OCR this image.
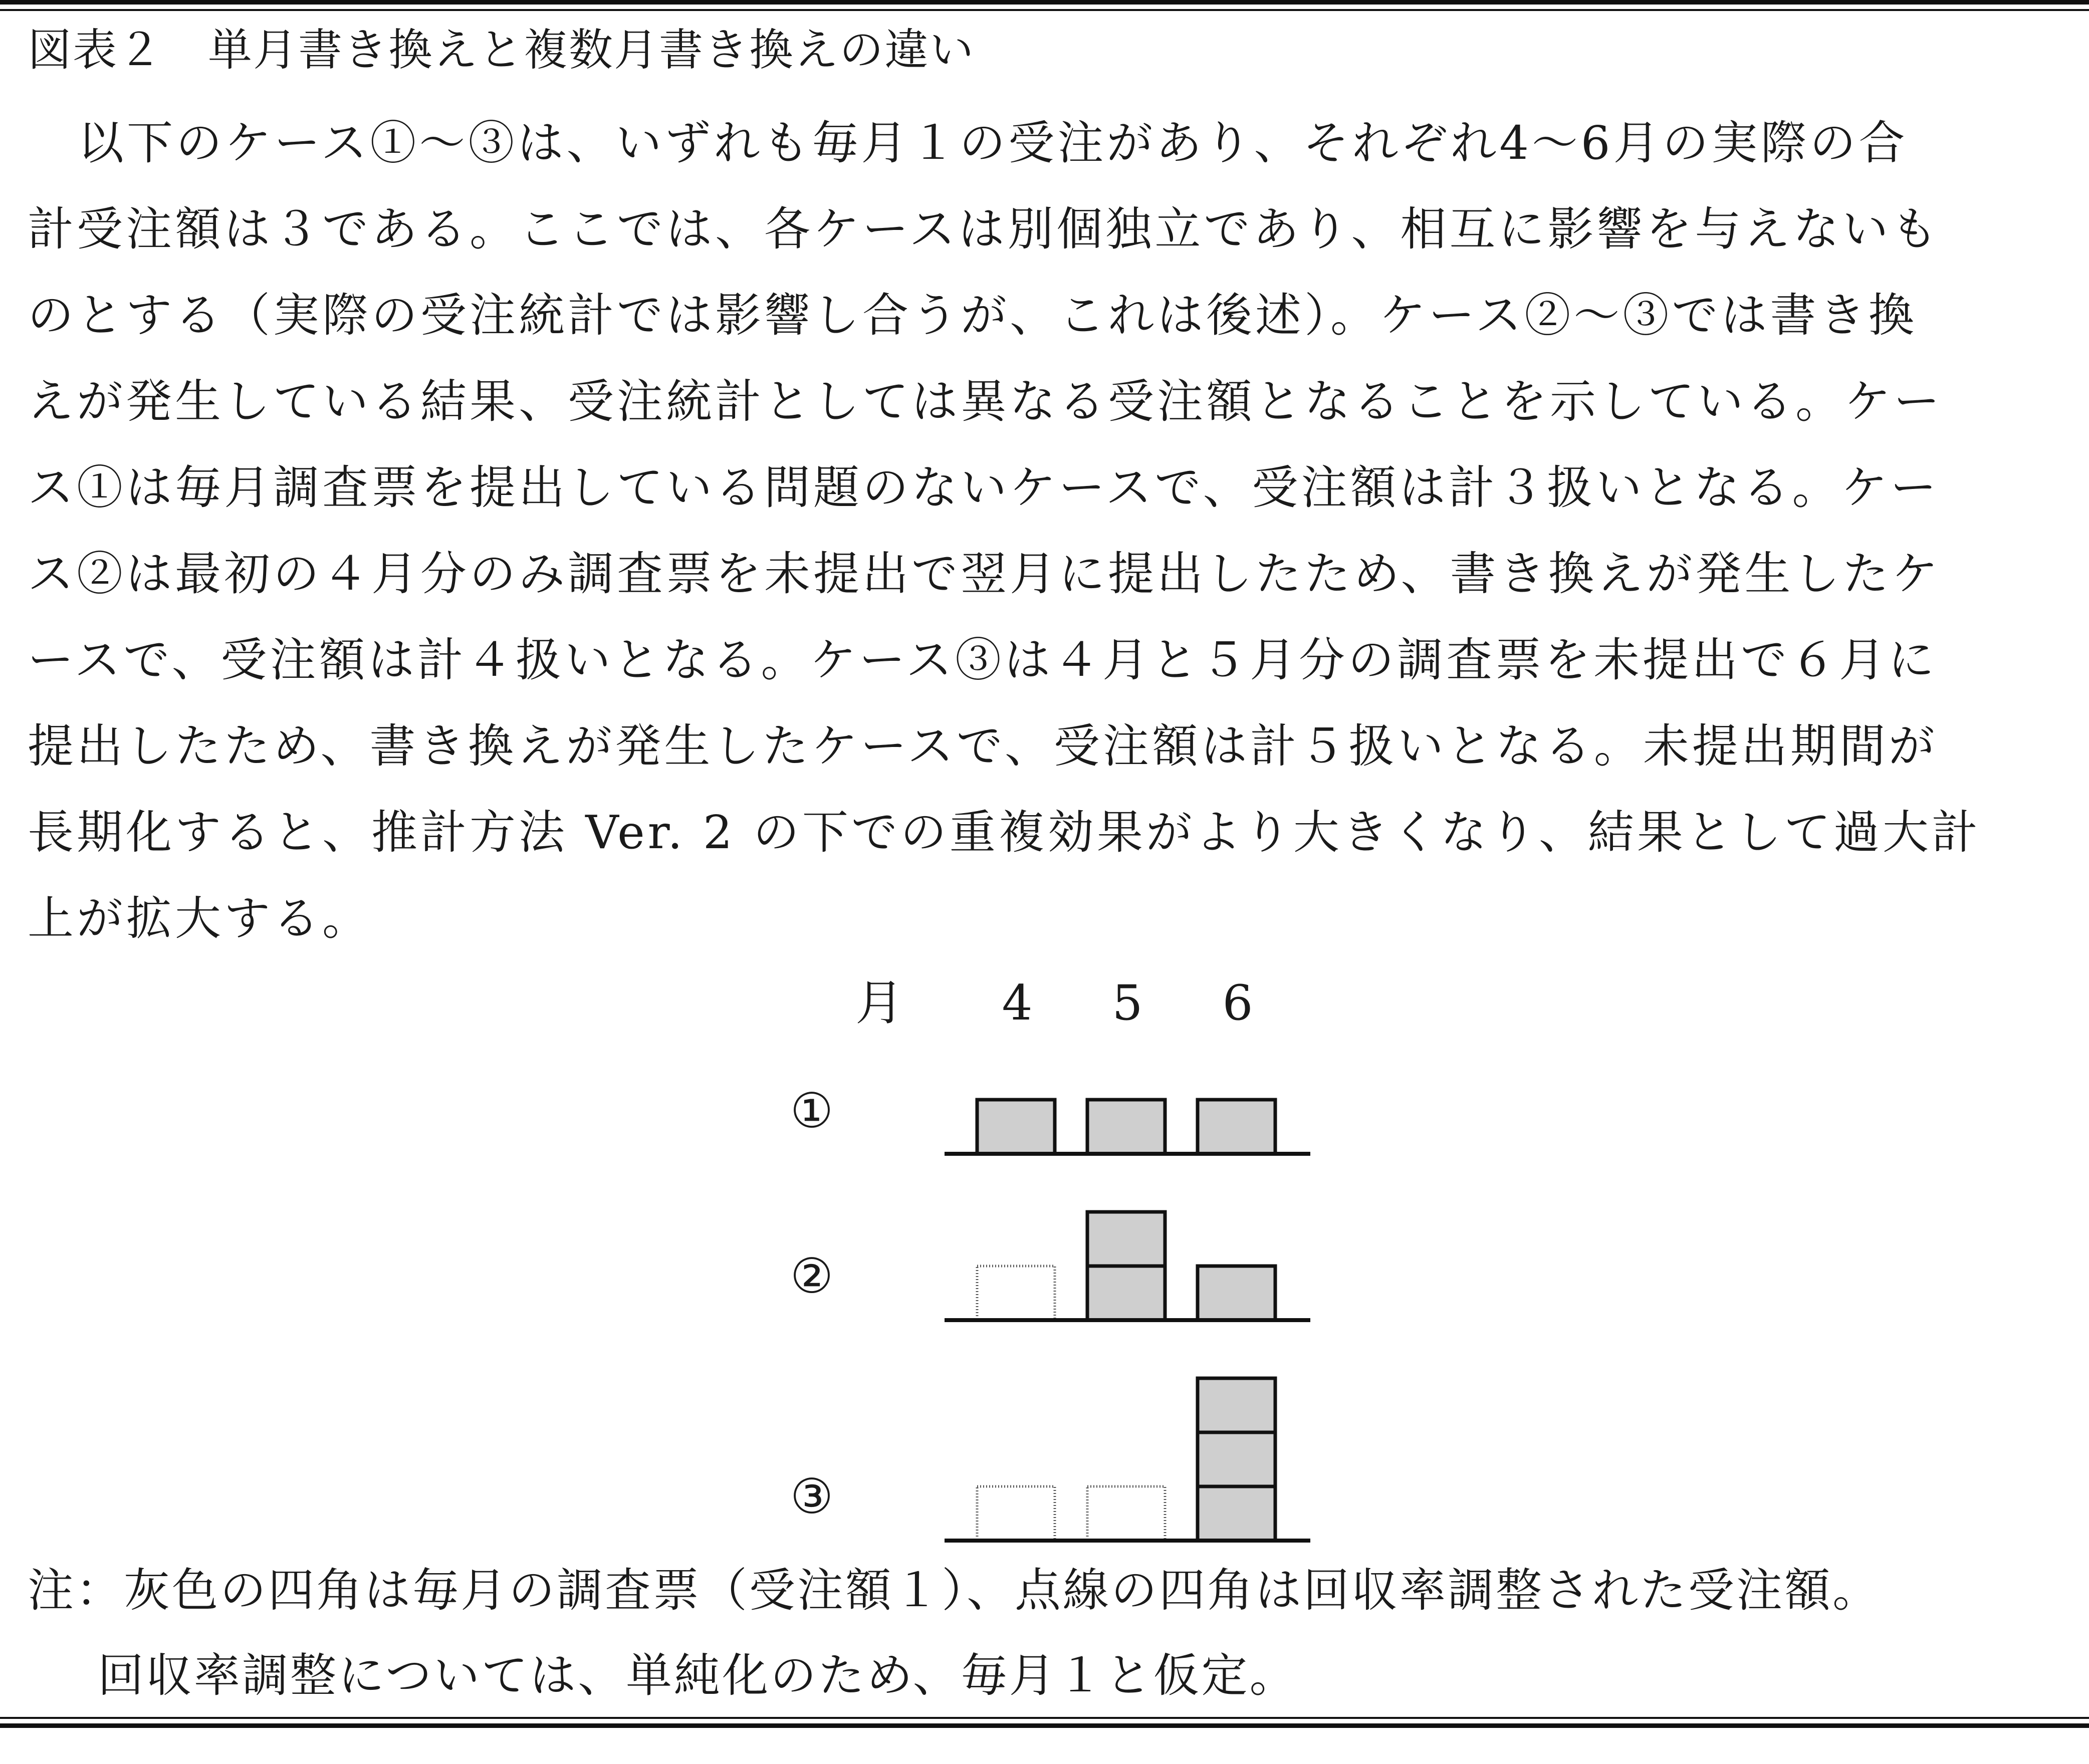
図表２　単月書き換えと複数月書き換えの違い
以下のケース①～③は、いずれも毎月１の受注があり、それぞれ4～6月の実際の合
計受注額は３である。ここでは、各ケースは別個独立であり、相互に影響を与えないも
のとする（実際の受注統計では影響し合うが、これは後述）。ケース②～③では書き換
えが発生している結果、受注統計としては異なる受注額となることを示している。ケー
ス①は毎月調査票を提出している問題のないケースで、受注額は計３扱いとなる。ケー
ス②は最初の４月分のみ調査票を未提出で翌月に提出したため、書き換えが発生したケ
ースで、受注額は計４扱いとなる。ケース③は４月と５月分の調査票を未提出で６月に
提出したため、書き換えが発生したケースで、受注額は計５扱いとなる。未提出期間が
長期化すると、推計方法 Ver. 2 の下での重複効果がより大きくなり、結果として過大計
上が拡大する。
月 4 5 6
①
②
③
注：灰色の四角は毎月の調査票（受注額１）、点線の四角は回収率調整された受注額。
回収率調整については、単純化のため、毎月１と仮定。
